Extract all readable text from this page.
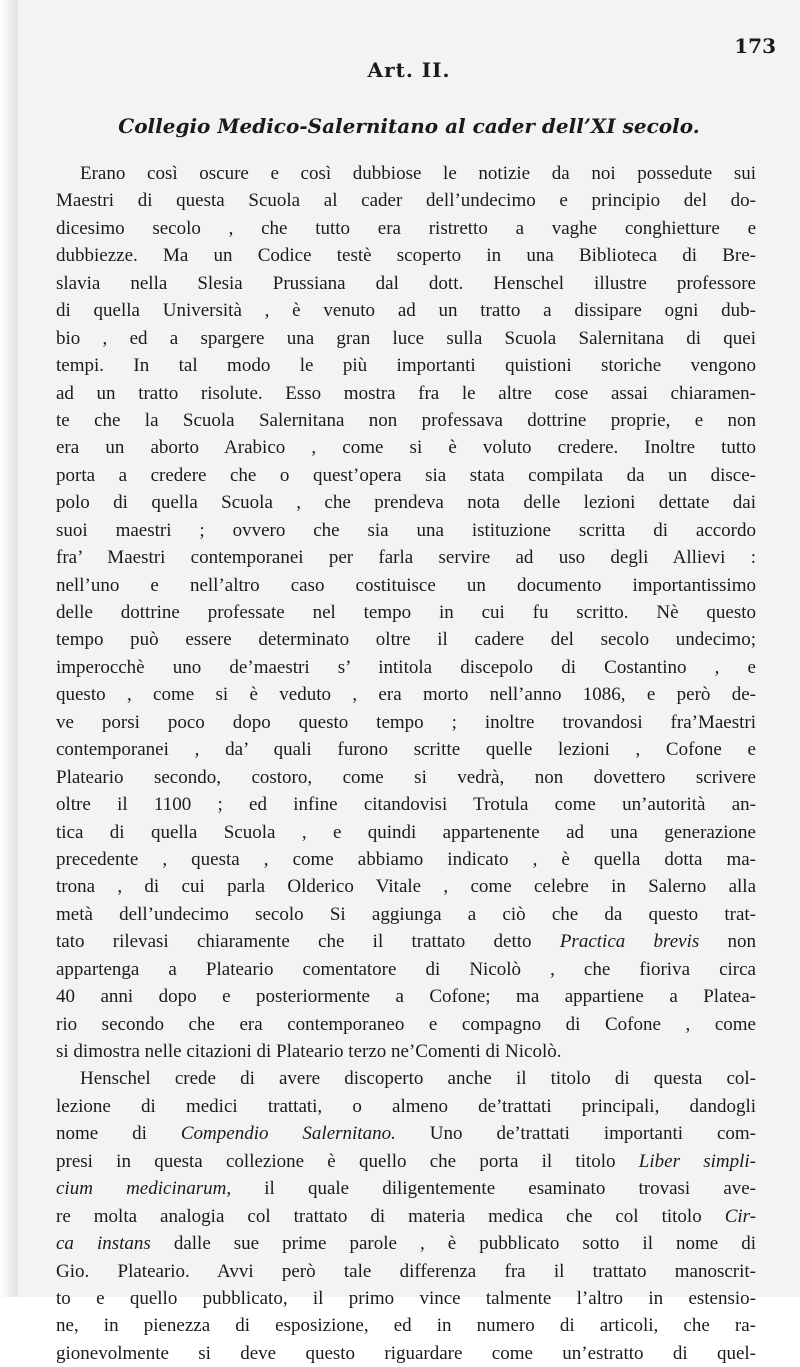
173
Art. II.
Collegio Medico-Salernitano al cader dell’XI secolo.
Erano così oscure e così dubbiose le notizie da noi possedute sui
Maestri di questa Scuola al cader dell’undecimo e principio del do-
dicesimo secolo , che tutto era ristretto a vaghe conghietture e
dubbiezze. Ma un Codice testè scoperto in una Biblioteca di Bre-
slavia nella Slesia Prussiana dal dott. Henschel illustre professore
di quella Università , è venuto ad un tratto a dissipare ogni dub-
bio , ed a spargere una gran luce sulla Scuola Salernitana di quei
tempi. In tal modo le più importanti quistioni storiche vengono
ad un tratto risolute. Esso mostra fra le altre cose assai chiaramen-
te che la Scuola Salernitana non professava dottrine proprie, e non
era un aborto Arabico , come si è voluto credere. Inoltre tutto
porta a credere che o quest’opera sia stata compilata da un disce-
polo di quella Scuola , che prendeva nota delle lezioni dettate dai
suoi maestri ; ovvero che sia una istituzione scritta di accordo
fra’ Maestri contemporanei per farla servire ad uso degli Allievi :
nell’uno e nell’altro caso costituisce un documento importantissimo
delle dottrine professate nel tempo in cui fu scritto. Nè questo
tempo può essere determinato oltre il cadere del secolo undecimo;
imperocchè uno de’maestri s’ intitola discepolo di Costantino , e
questo , come si è veduto , era morto nell’anno 1086, e però de-
ve porsi poco dopo questo tempo ; inoltre trovandosi fra’Maestri
contemporanei , da’ quali furono scritte quelle lezioni , Cofone e
Plateario secondo, costoro, come si vedrà, non dovettero scrivere
oltre il 1100 ; ed infine citandovisi Trotula come un’autorità an-
tica di quella Scuola , e quindi appartenente ad una generazione
precedente , questa , come abbiamo indicato , è quella dotta ma-
trona , di cui parla Olderico Vitale , come celebre in Salerno alla
metà dell’undecimo secolo Si aggiunga a ciò che da questo trat-
tato rilevasi chiaramente che il trattato detto Practica brevis non
appartenga a Plateario comentatore di Nicolò , che fioriva circa
40 anni dopo e posteriormente a Cofone; ma appartiene a Platea-
rio secondo che era contemporaneo e compagno di Cofone , come
si dimostra nelle citazioni di Plateario terzo ne’Comenti di Nicolò.
Henschel crede di avere discoperto anche il titolo di questa col-
lezione di medici trattati, o almeno de’trattati principali, dandogli
nome di Compendio Salernitano. Uno de’trattati importanti com-
presi in questa collezione è quello che porta il titolo Liber simpli-
cium medicinarum, il quale diligentemente esaminato trovasi ave-
re molta analogia col trattato di materia medica che col titolo Cir-
ca instans dalle sue prime parole , è pubblicato sotto il nome di
Gio. Plateario. Avvi però tale differenza fra il trattato manoscrit-
to e quello pubblicato, il primo vince talmente l’altro in estensio-
ne, in pienezza di esposizione, ed in numero di articoli, che ra-
gionevolmente si deve questo riguardare come un’estratto di quel-
